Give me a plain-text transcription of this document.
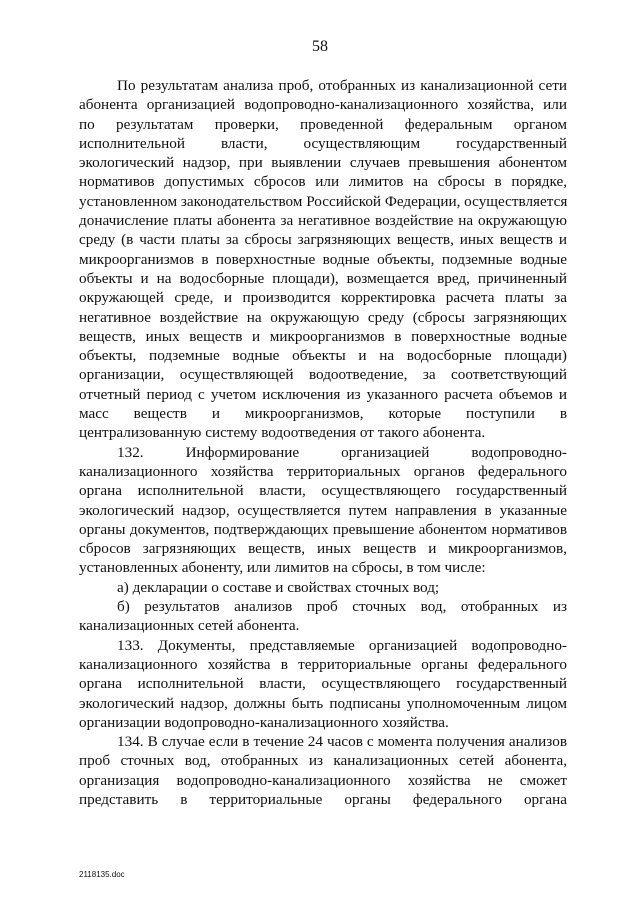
58
По результатам анализа проб, отобранных из канализационной сети
абонента организацией водопроводно-канализационного хозяйства, или
по результатам проверки, проведенной федеральным органом
исполнительной власти, осуществляющим государственный
экологический надзор, при выявлении случаев превышения абонентом
нормативов допустимых сбросов или лимитов на сбросы в порядке,
установленном законодательством Российской Федерации, осуществляется
доначисление платы абонента за негативное воздействие на окружающую
среду (в части платы за сбросы загрязняющих веществ, иных веществ и
микроорганизмов в поверхностные водные объекты, подземные водные
объекты и на водосборные площади), возмещается вред, причиненный
окружающей среде, и производится корректировка расчета платы за
негативное воздействие на окружающую среду (сбросы загрязняющих
веществ, иных веществ и микроорганизмов в поверхностные водные
объекты, подземные водные объекты и на водосборные площади)
организации, осуществляющей водоотведение, за соответствующий
отчетный период с учетом исключения из указанного расчета объемов и
масс веществ и микроорганизмов, которые поступили в
централизованную систему водоотведения от такого абонента.
132. Информирование организацией водопроводно-
канализационного хозяйства территориальных органов федерального
органа исполнительной власти, осуществляющего государственный
экологический надзор, осуществляется путем направления в указанные
органы документов, подтверждающих превышение абонентом нормативов
сбросов загрязняющих веществ, иных веществ и микроорганизмов,
установленных абоненту, или лимитов на сбросы, в том числе:
а) декларации о составе и свойствах сточных вод;
б) результатов анализов проб сточных вод, отобранных из
канализационных сетей абонента.
133. Документы, представляемые организацией водопроводно-
канализационного хозяйства в территориальные органы федерального
органа исполнительной власти, осуществляющего государственный
экологический надзор, должны быть подписаны уполномоченным лицом
организации водопроводно-канализационного хозяйства.
134. В случае если в течение 24 часов с момента получения анализов
проб сточных вод, отобранных из канализационных сетей абонента,
организация водопроводно-канализационного хозяйства не сможет
представить в территориальные органы федерального органа
2118135.doc
